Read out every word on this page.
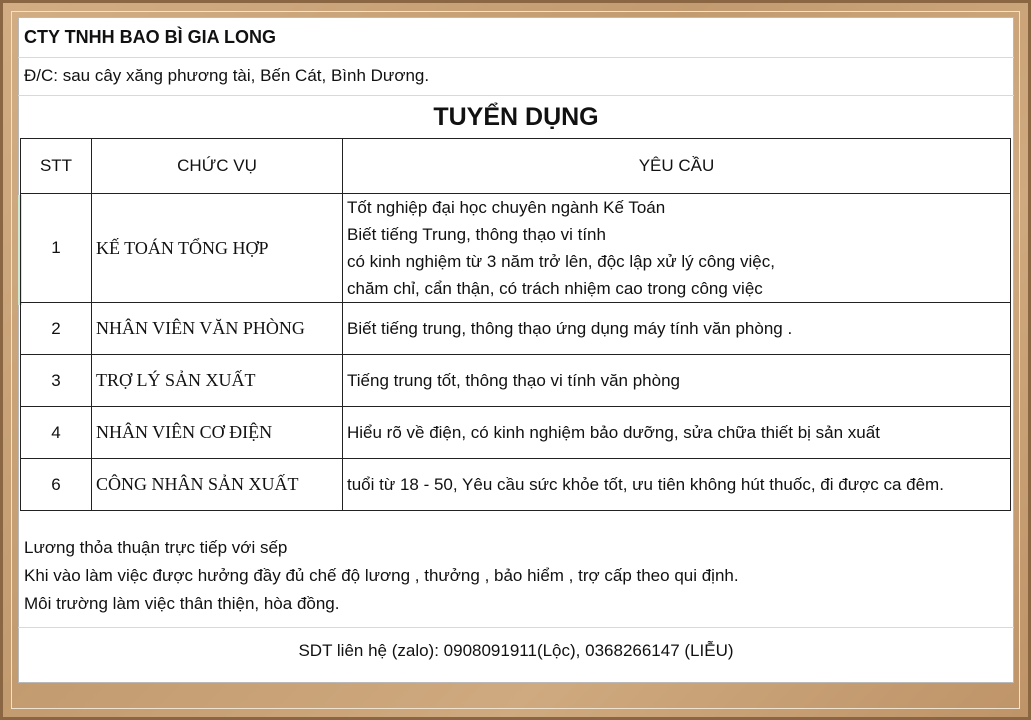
CTY TNHH BAO BÌ GIA LONG
Đ/C: sau cây xăng phương tài, Bến Cát, Bình Dương.
TUYỂN DỤNG
STT	CHỨC VỤ	YÊU CẦU
1	KẾ TOÁN TỔNG HỢP	Tốt nghiệp đại học chuyên ngành Kế Toán
Biết tiếng Trung, thông thạo vi tính
có kinh nghiệm từ 3 năm trở lên, độc lập xử lý công việc,
chăm chỉ, cẩn thận, có trách nhiệm cao trong công việc

2	NHÂN VIÊN VĂN PHÒNG	Biết tiếng trung, thông thạo ứng dụng máy tính văn phòng .

3	TRỢ LÝ SẢN XUẤT	Tiếng trung tốt, thông thạo vi tính văn phòng

4	NHÂN VIÊN CƠ ĐIỆN	Hiểu rõ về điện, có kinh nghiệm bảo dưỡng, sửa chữa thiết bị sản xuất

6	CÔNG NHÂN SẢN XUẤT	tuổi từ 18 - 50, Yêu cầu sức khỏe tốt, ưu tiên không hút thuốc, đi được ca đêm.
Lương thỏa thuận trực tiếp với sếp
Khi vào làm việc được hưởng đầy đủ chế độ lương , thưởng , bảo hiểm , trợ cấp theo qui định.
Môi trường làm việc thân thiện, hòa đồng.
SDT liên hệ (zalo): 0908091911(Lộc), 0368266147 (LIỄU)
